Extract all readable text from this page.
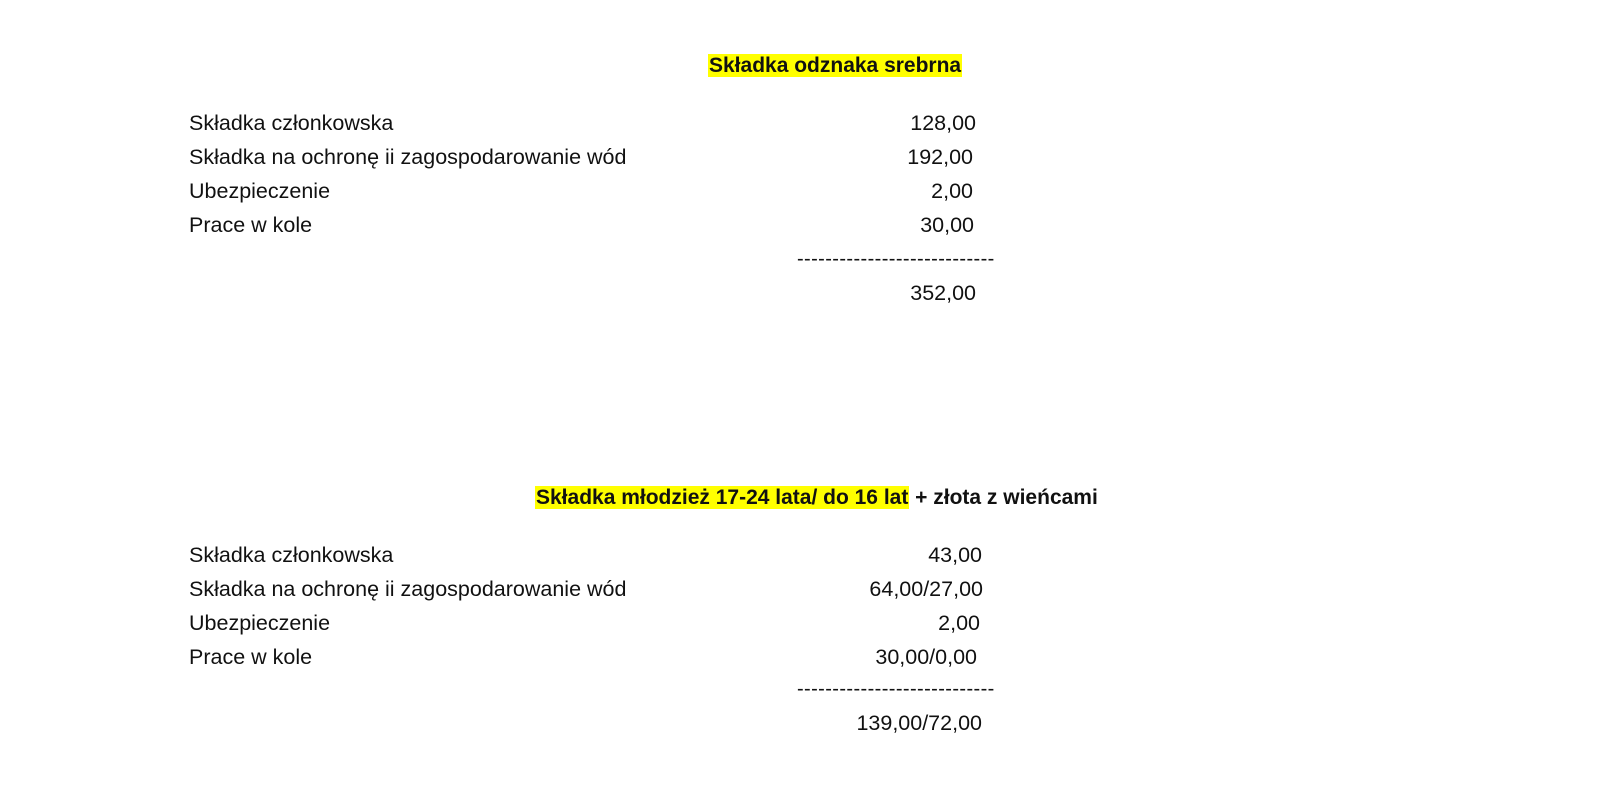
Składka odznaka srebrna
Składka członkowska	128,00
Składka na ochronę ii zagospodarowanie wód	192,00
Ubezpieczenie	2,00
Prace w kole	30,00
----------------------------
352,00
Składka młodzież 17-24 lata/ do 16 lat + złota z wieńcami
Składka członkowska	43,00
Składka na ochronę ii zagospodarowanie wód	64,00/27,00
Ubezpieczenie	2,00
Prace w kole	30,00/0,00
----------------------------
139,00/72,00
